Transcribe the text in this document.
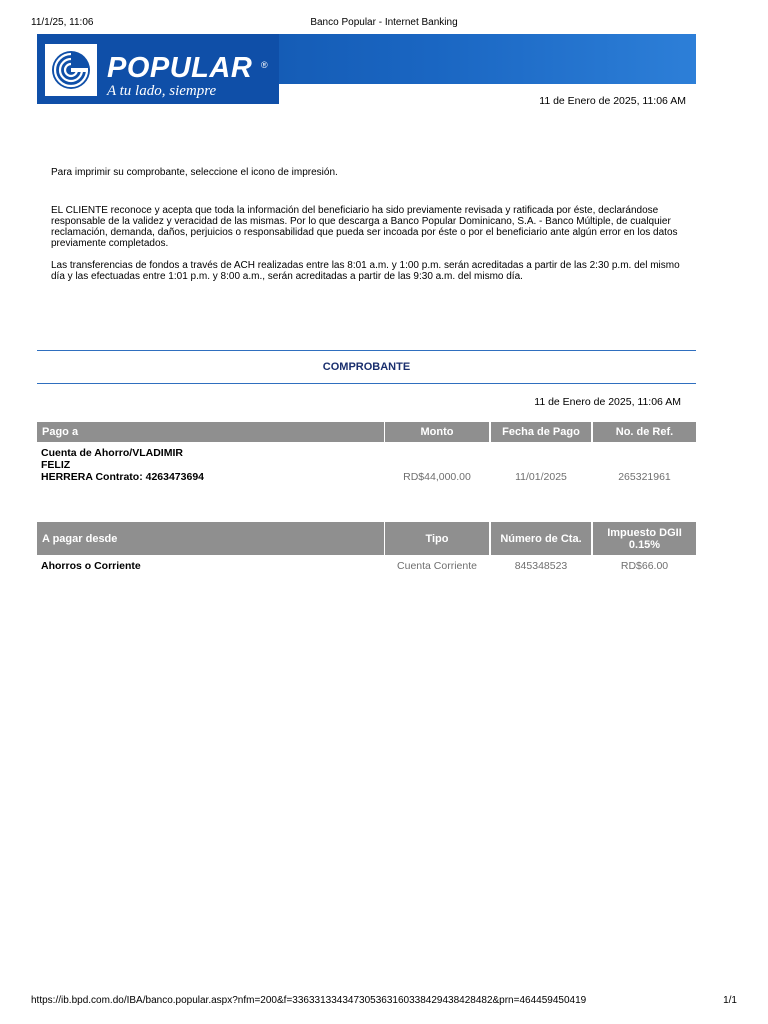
11/1/25, 11:06	Banco Popular - Internet Banking
POPULAR ®
A tu lado, siempre
11 de Enero de 2025, 11:06 AM
Para imprimir su comprobante, seleccione el icono de impresión.
EL CLIENTE reconoce y acepta que toda la información del beneficiario ha sido previamente revisada y ratificada por éste, declarándose responsable de la validez y veracidad de las mismas. Por lo que descarga a Banco Popular Dominicano, S.A. - Banco Múltiple, de cualquier reclamación, demanda, daños, perjuicios o responsabilidad que pueda ser incoada por éste o por el beneficiario ante algún error en los datos previamente completados.
Las transferencias de fondos a través de ACH realizadas entre las 8:01 a.m. y 1:00 p.m. serán acreditadas a partir de las 2:30 p.m. del mismo día y las efectuadas entre 1:01 p.m. y 8:00 a.m., serán acreditadas a partir de las 9:30 a.m. del mismo día.
COMPROBANTE
11 de Enero de 2025, 11:06 AM
Pago a	Monto	Fecha de Pago	No. de Ref.
Cuenta de Ahorro/VLADIMIR
FELIZ
HERRERA Contrato: 4263473694	RD$44,000.00	11/01/2025	265321961
A pagar desde	Tipo	Número de Cta.	Impuesto DGII
0.15%
Ahorros o Corriente	Cuenta Corriente	845348523	RD$66.00
https://ib.bpd.com.do/IBA/banco.popular.aspx?nfm=200&f=336331334347305363160338429438428482&prn=464459450419	1/1
